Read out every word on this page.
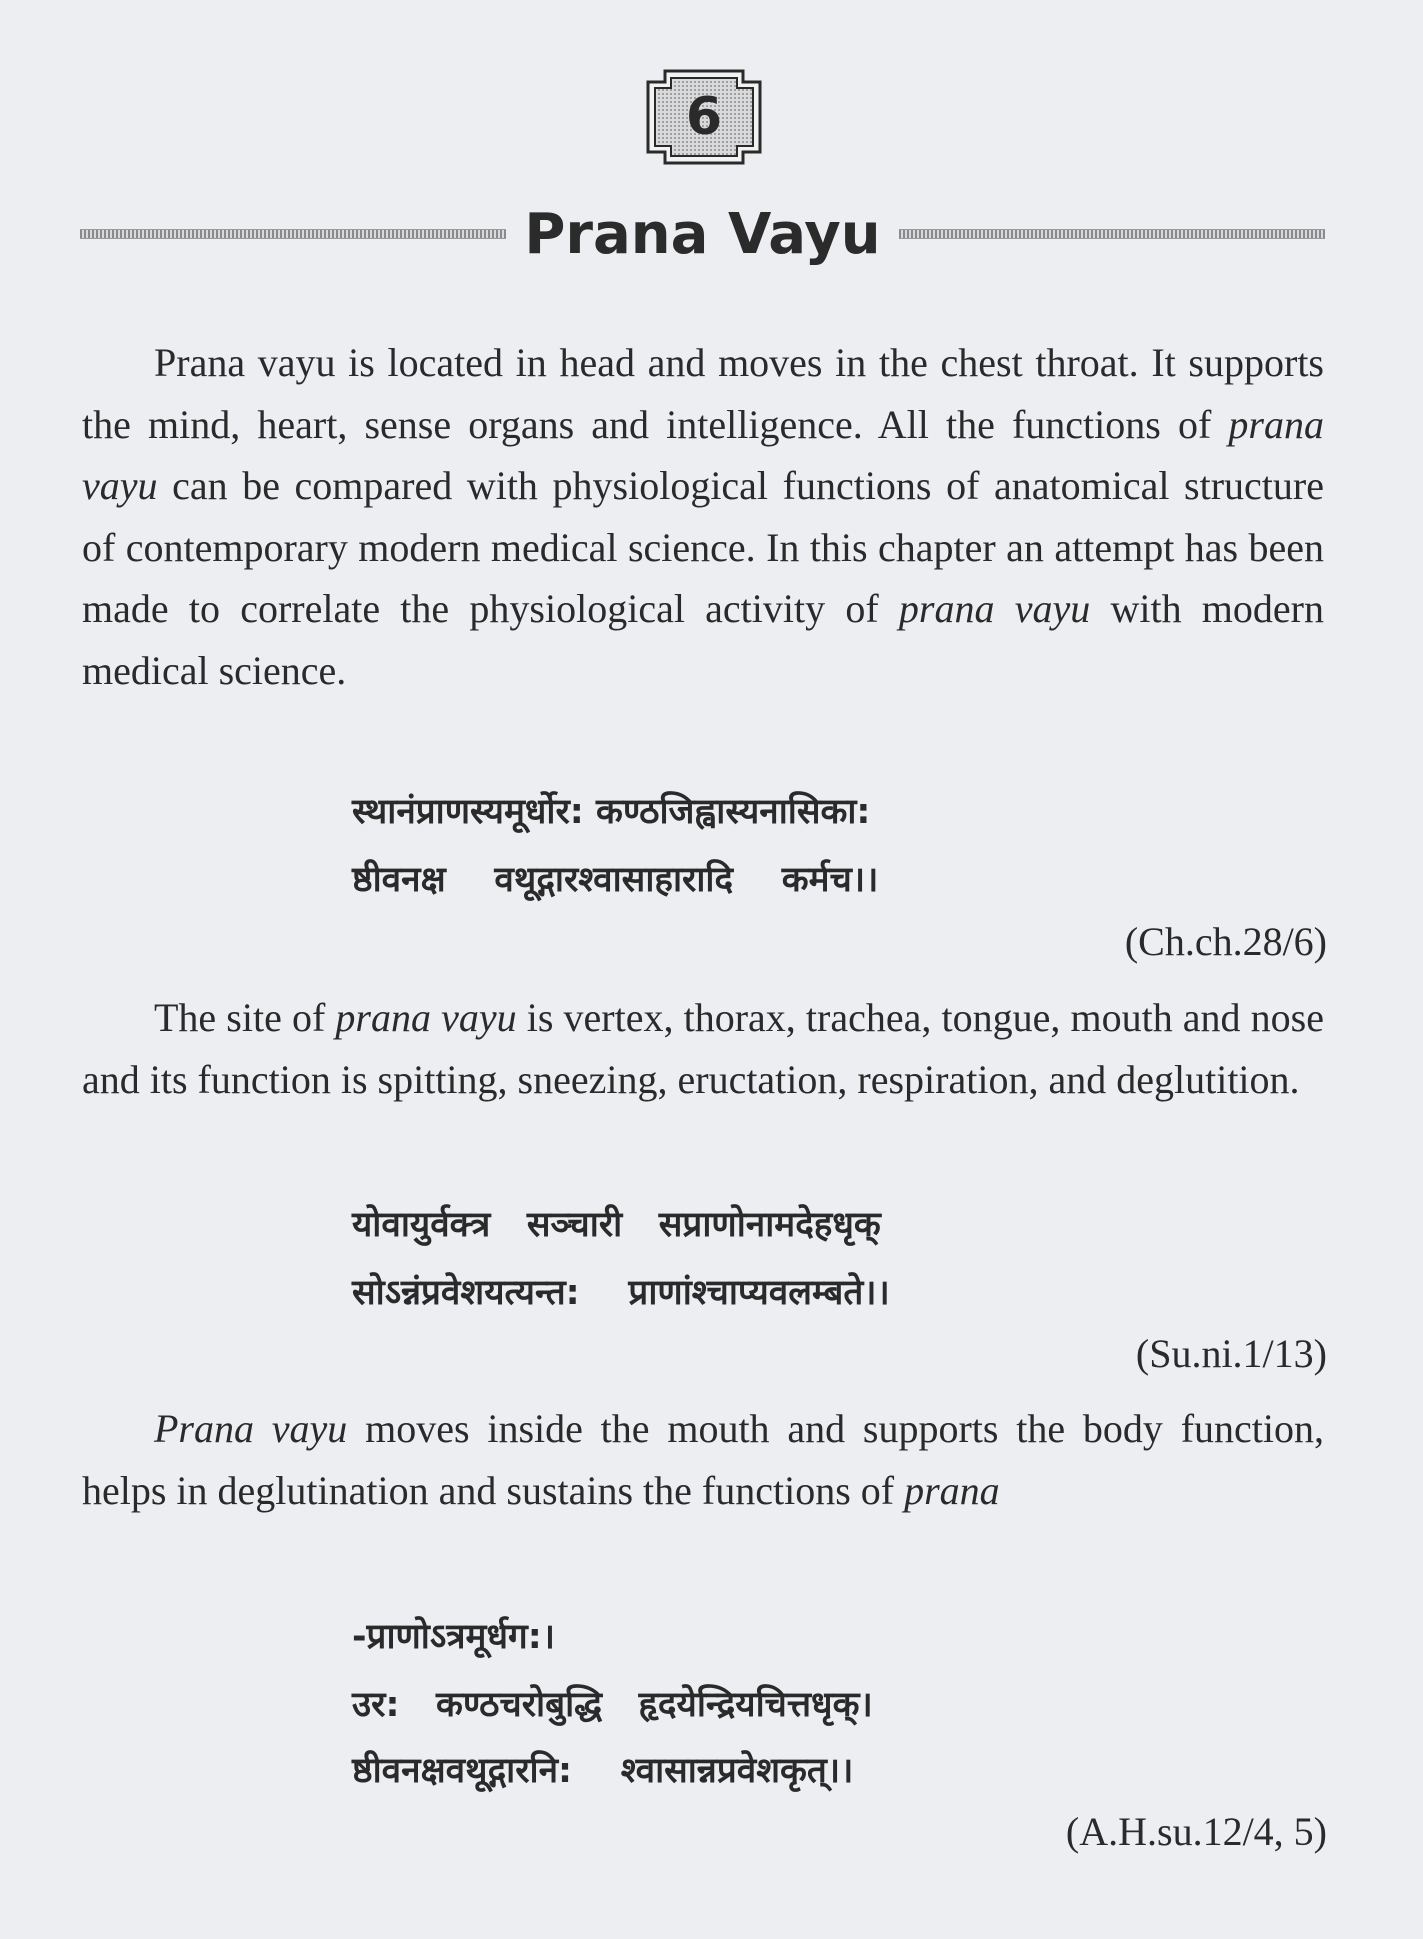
6
Prana Vayu
Prana vayu is located in head and moves in the chest throat. It supports the mind, heart, sense organs and intelligence. All the functions of prana vayu can be compared with physiological functions of anatomical structure of contemporary modern medical science. In this chapter an attempt has been made to correlate the physiological activity of prana vayu with modern medical science.
स्थानंप्राणस्यमूर्धोर: कण्ठजिह्वास्यनासिका:
ष्ठीवनक्ष    वथूद्गारश्वासाहारादि    कर्मच।।
(Ch.ch.28/6)
The site of prana vayu is vertex, thorax, trachea, tongue, mouth and nose and its function is spitting, sneezing, eructation, respiration, and deglutition.
योवायुर्वक्त्र   सञ्चारी   सप्राणोनामदेहधृक्
सोऽन्नंप्रवेशयत्यन्त:    प्राणांश्चाप्यवलम्बते।।
(Su.ni.1/13)
Prana vayu moves inside the mouth and supports the body function, helps in deglutination and sustains the functions of prana
-प्राणोऽत्रमूर्धग:।
उर:   कण्ठचरोबुद्धि   हृदयेन्द्रियचित्तधृक्।
ष्ठीवनक्षवथूद्गारनि:    श्वासान्नप्रवेशकृत्।।
(A.H.su.12/4, 5)
